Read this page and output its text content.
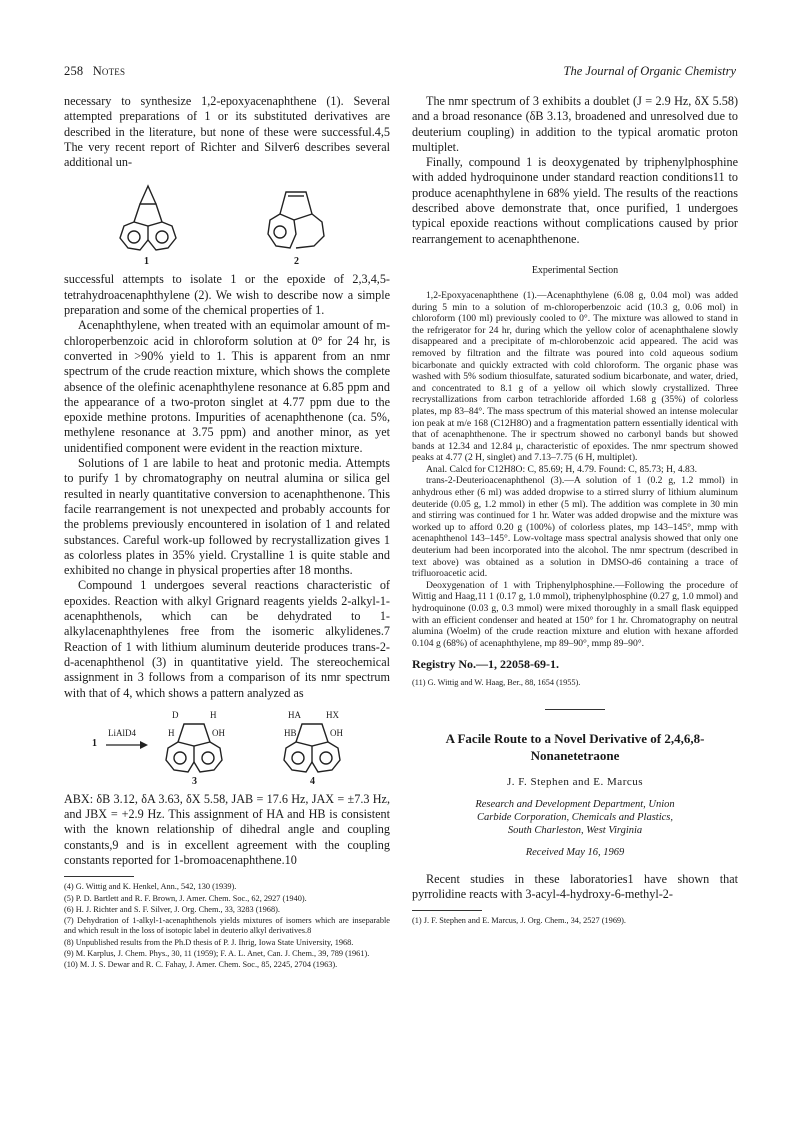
258 Notes	The Journal of Organic Chemistry

necessary to synthesize 1,2-epoxyacenaphthene (1). Several attempted preparations of 1 or its substituted derivatives are described in the literature, but none of these were successful.4,5 The very recent report of Richter and Silver6 describes several additional un-

1	2

successful attempts to isolate 1 or the epoxide of 2,3,4,5-tetrahydroacenaphthylene (2). We wish to describe now a simple preparation and some of the chemical properties of 1.

Acenaphthylene, when treated with an equimolar amount of m-chloroperbenzoic acid in chloroform solution at 0° for 24 hr, is converted in >90% yield to 1. This is apparent from an nmr spectrum of the crude reaction mixture, which shows the complete absence of the olefinic acenaphthylene resonance at 6.85 ppm and the appearance of a two-proton singlet at 4.77 ppm due to the epoxide methine protons. Impurities of acenaphthenone (ca. 5%, methylene resonance at 3.75 ppm) and another minor, as yet unidentified component were evident in the reaction mixture.

Solutions of 1 are labile to heat and protonic media. Attempts to purify 1 by chromatography on neutral alumina or silica gel resulted in nearly quantitative conversion to acenaphthenone. This facile rearrangement is not unexpected and probably accounts for the problems previously encountered in isolation of 1 and related substances. Careful work-up followed by recrystallization gives 1 as colorless plates in 35% yield. Crystalline 1 is quite stable and exhibited no change in physical properties after 18 months.

Compound 1 undergoes several reactions characteristic of epoxides. Reaction with alkyl Grignard reagents yields 2-alkyl-1-acenaphthenols, which can be dehydrated to 1-alkylacenaphthylenes free from the isomeric alkylidenes.7 Reaction of 1 with lithium aluminum deuteride produces trans-2-d-acenaphthenol (3) in quantitative yield. The stereochemical assignment in 3 follows from a comparison of its nmr spectrum with that of 4, which shows a pattern analyzed as

1
LiAlD4
D	H
H	OH
3
HA	HX
HB	OH
4

ABX: δB 3.12, δA 3.63, δX 5.58, JAB = 17.6 Hz, JAX = ±7.3 Hz, and JBX = +2.9 Hz. This assignment of HA and HB is consistent with the known relationship of dihedral angle and coupling constants,9 and is in excellent agreement with the coupling constants reported for 1-bromoacenaphthene.10

(4) G. Wittig and K. Henkel, Ann., 542, 130 (1939).

(5) P. D. Bartlett and R. F. Brown, J. Amer. Chem. Soc., 62, 2927 (1940).

(6) H. J. Richter and S. F. Silver, J. Org. Chem., 33, 3283 (1968).

(7) Dehydration of 1-alkyl-1-acenaphthenols yields mixtures of isomers which are inseparable and which result in the loss of isotopic label in deuterio alkyl derivatives.8

(8) Unpublished results from the Ph.D thesis of P. J. Ihrig, Iowa State University, 1968.

(9) M. Karplus, J. Chem. Phys., 30, 11 (1959); F. A. L. Anet, Can. J. Chem., 39, 789 (1961).

(10) M. J. S. Dewar and R. C. Fahay, J. Amer. Chem. Soc., 85, 2245, 2704 (1963).

The nmr spectrum of 3 exhibits a doublet (J = 2.9 Hz, δX 5.58) and a broad resonance (δB 3.13, broadened and unresolved due to deuterium coupling) in addition to the typical aromatic proton multiplet.

Finally, compound 1 is deoxygenated by triphenylphosphine with added hydroquinone under standard reaction conditions11 to produce acenaphthylene in 68% yield. The results of the reactions described above demonstrate that, once purified, 1 undergoes typical epoxide reactions without complications caused by prior rearrangement to acenaphthenone.

Experimental Section

1,2-Epoxyacenaphthene (1).—Acenaphthylene (6.08 g, 0.04 mol) was added during 5 min to a solution of m-chloroperbenzoic acid (10.3 g, 0.06 mol) in chloroform (100 ml) previously cooled to 0°. The mixture was allowed to stand in the refrigerator for 24 hr, during which the yellow color of acenaphthalene slowly disappeared and a precipitate of m-chlorobenzoic acid appeared. The acid was removed by filtration and the filtrate was poured into cold aqueous sodium bicarbonate and quickly extracted with cold chloroform. The organic phase was washed with 5% sodium thiosulfate, saturated sodium bicarbonate, and water, dried, and concentrated to 8.1 g of a yellow oil which slowly crystallized. Three recrystallizations from carbon tetrachloride afforded 1.68 g (35%) of colorless plates, mp 83–84°. The mass spectrum of this material showed an intense molecular ion peak at m/e 168 (C12H8O) and a fragmentation pattern essentially identical with that of acenaphthenone. The ir spectrum showed no carbonyl bands but showed bands at 12.34 and 12.84 μ, characteristic of epoxides. The nmr spectrum showed peaks at 4.77 (2 H, singlet) and 7.13–7.75 (6 H, multiplet).

Anal. Calcd for C12H8O: C, 85.69; H, 4.79. Found: C, 85.73; H, 4.83.

trans-2-Deuterioacenaphthenol (3).—A solution of 1 (0.2 g, 1.2 mmol) in anhydrous ether (6 ml) was added dropwise to a stirred slurry of lithium aluminum deuteride (0.05 g, 1.2 mmol) in ether (5 ml). The addition was complete in 30 min and stirring was continued for 1 hr. Water was added dropwise and the mixture was worked up to afford 0.20 g (100%) of colorless plates, mp 143–145°, mmp with acenaphthenol 143–145°. Low-voltage mass spectral analysis showed that only one deuterium had been incorporated into the alcohol. The nmr spectrum (described in text above) was obtained as a solution in DMSO-d6 containing a trace of trifluoroacetic acid.

Deoxygenation of 1 with Triphenylphosphine.—Following the procedure of Wittig and Haag,11 1 (0.17 g, 1.0 mmol), triphenylphosphine (0.27 g, 1.0 mmol) and hydroquinone (0.03 g, 0.3 mmol) were mixed thoroughly in a small flask equipped with an efficient condenser and heated at 150° for 1 hr. Chromatography on neutral alumina (Woelm) of the crude reaction mixture and elution with hexane afforded 0.104 g (68%) of acenaphthylene, mp 89–90°, mmp 89–90°.

Registry No.—1, 22058-69-1.

(11) G. Wittig and W. Haag, Ber., 88, 1654 (1955).

A Facile Route to a Novel Derivative of 2,4,6,8-Nonanetetraone
J. F. Stephen and E. Marcus
Research and Development Department, Union
Carbide Corporation, Chemicals and Plastics,
South Charleston, West Virginia
Received May 16, 1969

Recent studies in these laboratories1 have shown that pyrrolidine reacts with 3-acyl-4-hydroxy-6-methyl-2-

(1) J. F. Stephen and E. Marcus, J. Org. Chem., 34, 2527 (1969).
